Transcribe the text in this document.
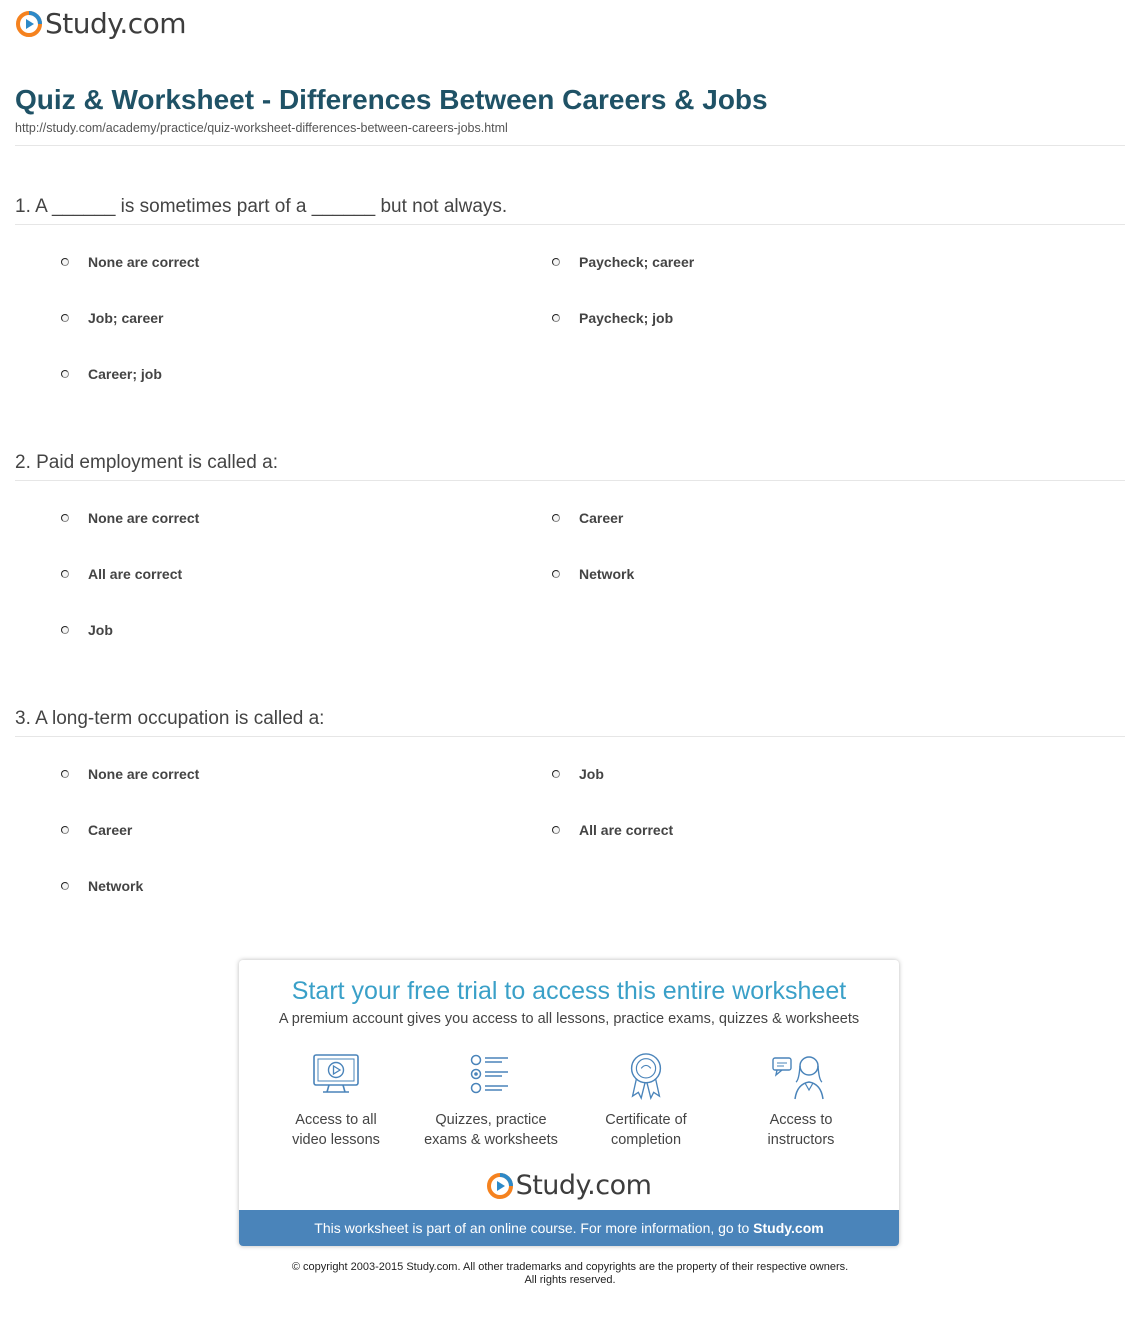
Study.com
Quiz & Worksheet - Differences Between Careers & Jobs
http://study.com/academy/practice/quiz-worksheet-differences-between-careers-jobs.html
1. A ______ is sometimes part of a ______ but not always.
None are correct	Paycheck; career
Job; career	Paycheck; job
Career; job
2. Paid employment is called a:
None are correct	Career
All are correct	Network
Job
3. A long-term occupation is called a:
None are correct	Job
Career	All are correct
Network
Start your free trial to access this entire worksheet
A premium account gives you access to all lessons, practice exams, quizzes & worksheets
Access to all
video lessons
Quizzes, practice
exams & worksheets
Certificate of
completion
Access to
instructors
Study.com
This worksheet is part of an online course. For more information, go to Study.com
© copyright 2003-2015 Study.com. All other trademarks and copyrights are the property of their respective owners.
All rights reserved.
